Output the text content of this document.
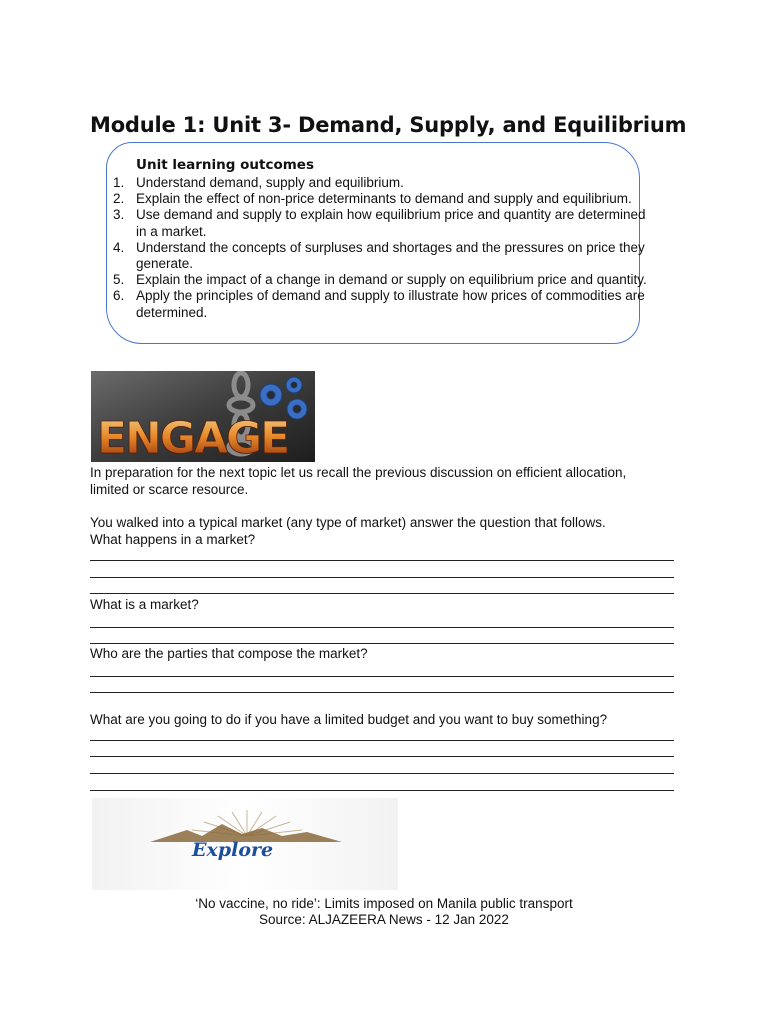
Module 1: Unit 3- Demand, Supply, and Equilibrium
Unit learning outcomes
1. Understand demand, supply and equilibrium.
2. Explain the effect of non-price determinants to demand and supply and equilibrium.
3. Use demand and supply to explain how equilibrium price and quantity are determined in a market.
4. Understand the concepts of surpluses and shortages and the pressures on price they generate.
5. Explain the impact of a change in demand or supply on equilibrium price and quantity.
6. Apply the principles of demand and supply to illustrate how prices of commodities are determined.
ENGAGE
In preparation for the next topic let us recall the previous discussion on efficient allocation,
limited or scarce resource.
You walked into a typical market (any type of market) answer the question that follows.
What happens in a market?
What is a market?
Who are the parties that compose the market?
What are you going to do if you have a limited budget and you want to buy something?
Explore
‘No vaccine, no ride’: Limits imposed on Manila public transport
Source: ALJAZEERA News - 12 Jan 2022
